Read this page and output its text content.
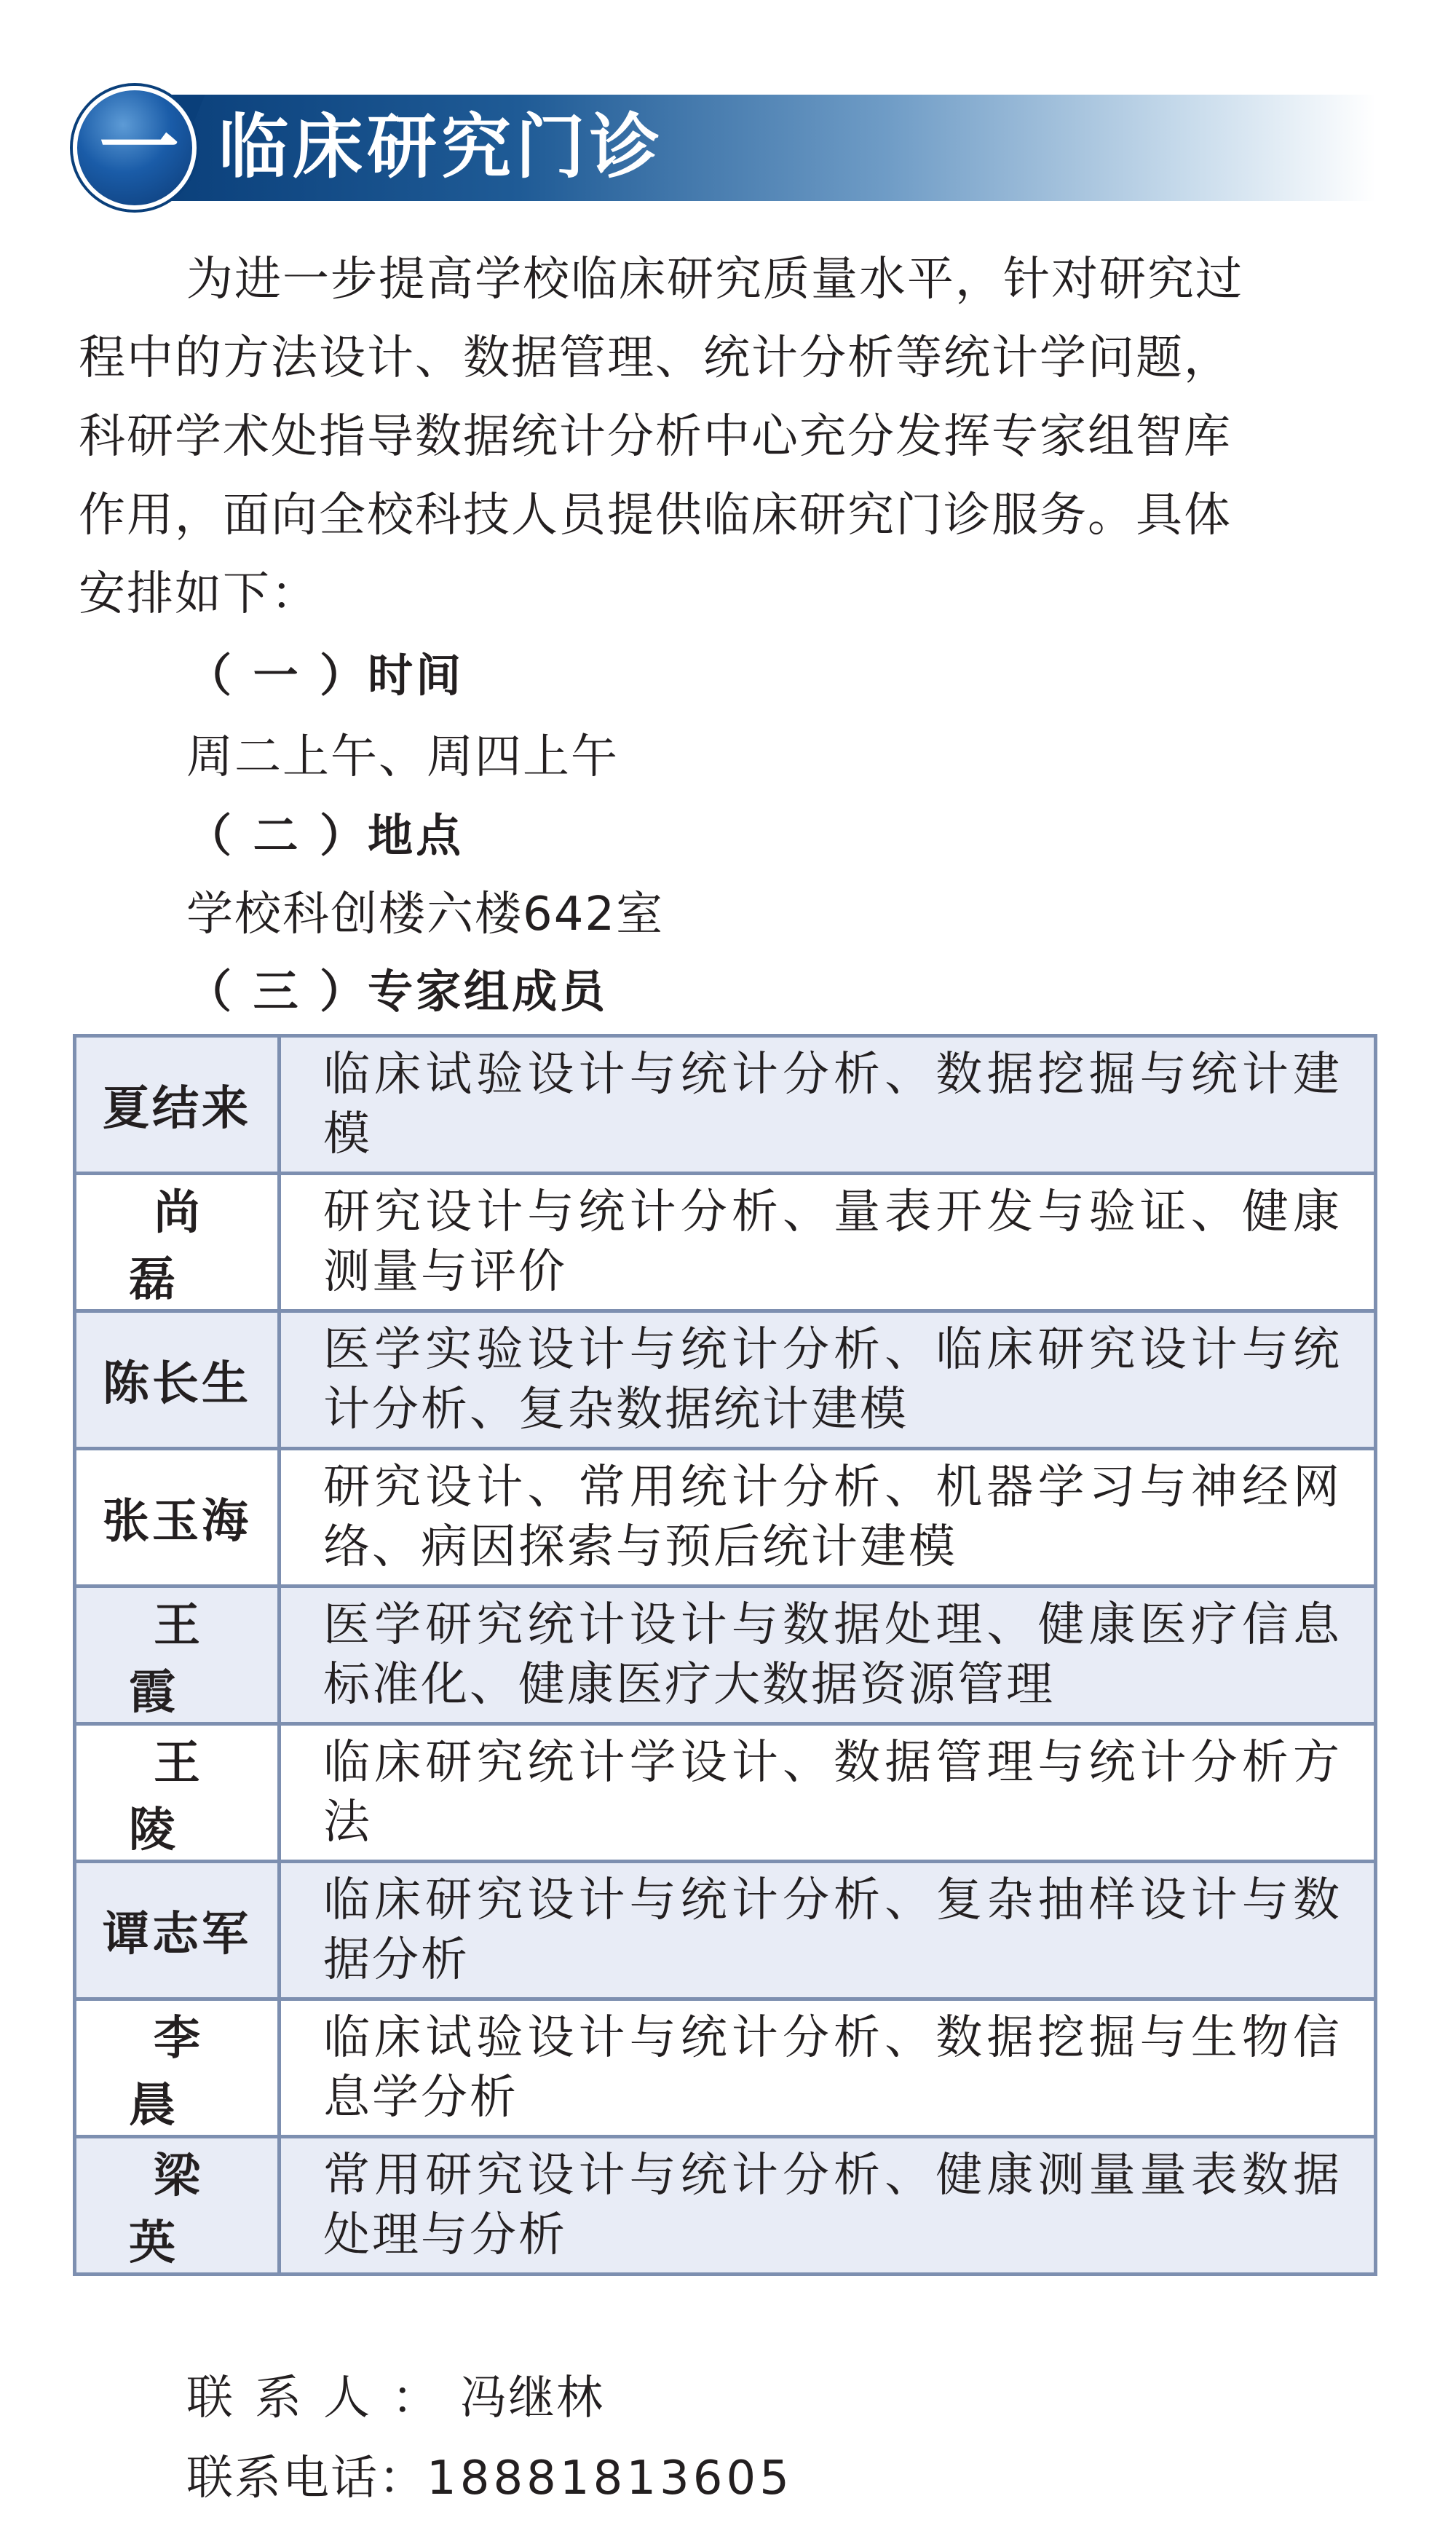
一 临床研究门诊
为进一步提高学校临床研究质量水平，针对研究过
程中的方法设计、数据管理、统计分析等统计学问题，
科研学术处指导数据统计分析中心充分发挥专家组智库
作用，面向全校科技人员提供临床研究门诊服务。具体
安排如下：
（ 一 ）时间
周二上午、周四上午
（ 二 ）地点
学校科创楼六楼642室
（ 三 ）专家组成员
夏结来	临床试验设计与统计分析、数据挖掘与统计建模
尚磊	研究设计与统计分析、量表开发与验证、健康测量与评价
陈长生	医学实验设计与统计分析、临床研究设计与统计分析、复杂数据统计建模
张玉海	研究设计、常用统计分析、机器学习与神经网络、病因探索与预后统计建模
王霞	医学研究统计设计与数据处理、健康医疗信息标准化、健康医疗大数据资源管理
王陵	临床研究统计学设计、数据管理与统计分析方法
谭志军	临床研究设计与统计分析、复杂抽样设计与数据分析
李晨	临床试验设计与统计分析、数据挖掘与生物信息学分析
梁英	常用研究设计与统计分析、健康测量量表数据处理与分析
联系人：冯继林
联系电话：18881813605
